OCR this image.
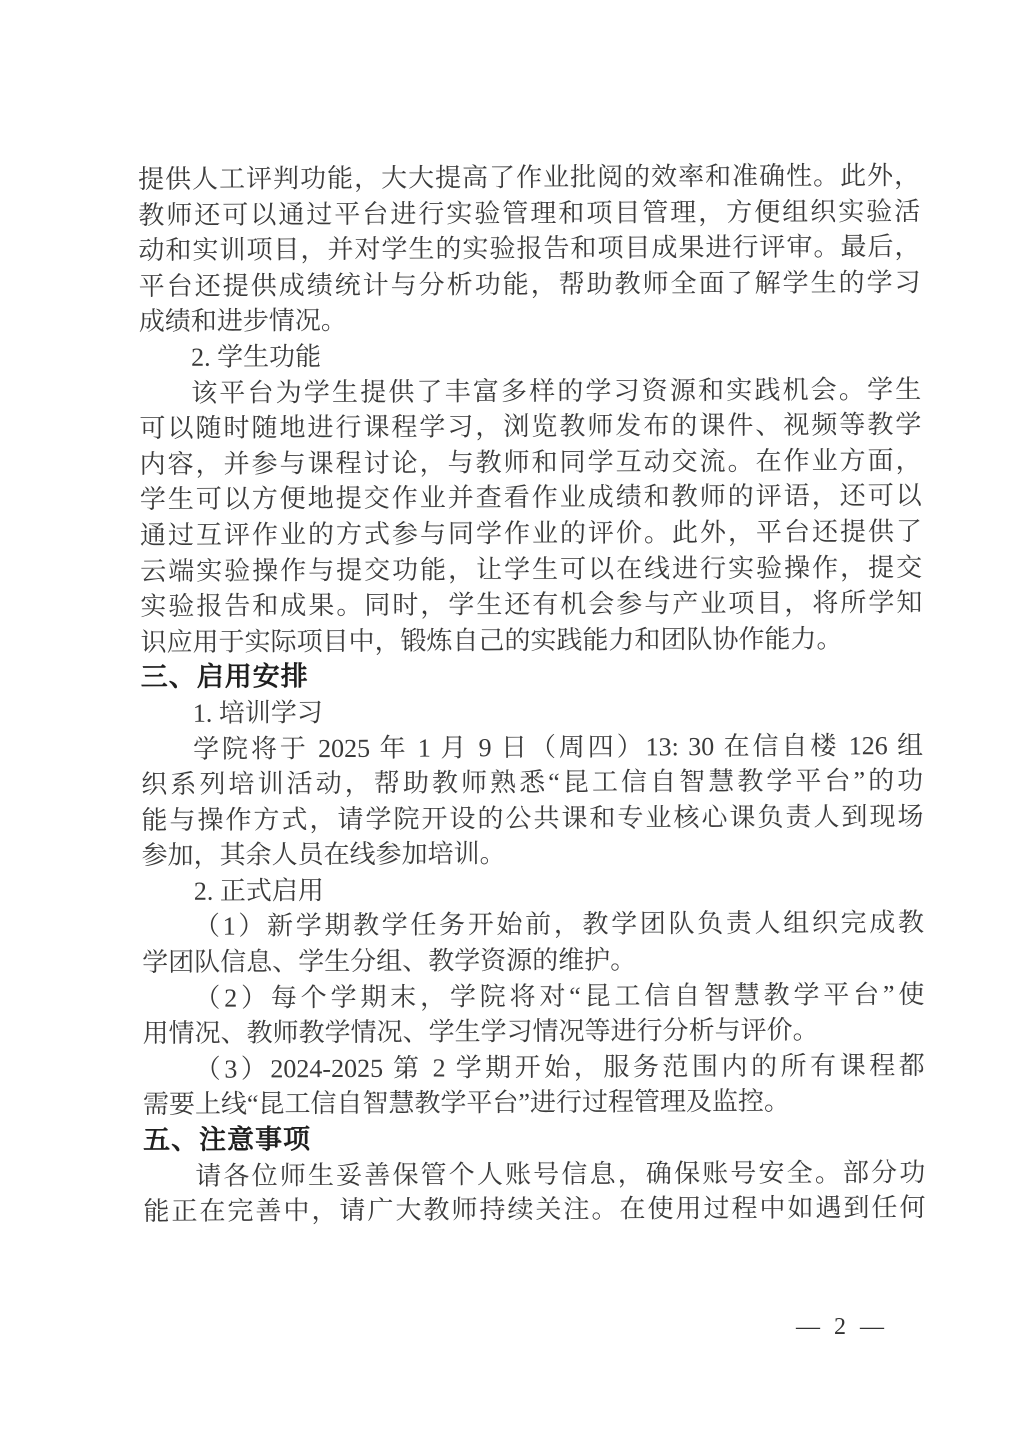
提供人工评判功能，大大提高了作业批阅的效率和准确性。此外，
教师还可以通过平台进行实验管理和项目管理，方便组织实验活
动和实训项目，并对学生的实验报告和项目成果进行评审。最后，
平台还提供成绩统计与分析功能，帮助教师全面了解学生的学习
成绩和进步情况。
2. 学生功能
该平台为学生提供了丰富多样的学习资源和实践机会。学生
可以随时随地进行课程学习，浏览教师发布的课件、视频等教学
内容，并参与课程讨论，与教师和同学互动交流。在作业方面，
学生可以方便地提交作业并查看作业成绩和教师的评语，还可以
通过互评作业的方式参与同学作业的评价。此外，平台还提供了
云端实验操作与提交功能，让学生可以在线进行实验操作，提交
实验报告和成果。同时，学生还有机会参与产业项目，将所学知
识应用于实际项目中，锻炼自己的实践能力和团队协作能力。
三、启用安排
1. 培训学习
学院将于 2025 年 1 月 9 日（周四）13: 30 在信自楼 126 组
织系列培训活动，帮助教师熟悉“昆工信自智慧教学平台”的功
能与操作方式，请学院开设的公共课和专业核心课负责人到现场
参加，其余人员在线参加培训。
2. 正式启用
（1）新学期教学任务开始前，教学团队负责人组织完成教
学团队信息、学生分组、教学资源的维护。
（2）每个学期末，学院将对“昆工信自智慧教学平台”使
用情况、教师教学情况、学生学习情况等进行分析与评价。
（3）2024-2025 第 2 学期开始，服务范围内的所有课程都
需要上线“昆工信自智慧教学平台”进行过程管理及监控。
五、注意事项
请各位师生妥善保管个人账号信息，确保账号安全。部分功
能正在完善中，请广大教师持续关注。在使用过程中如遇到任何
— 2 —
